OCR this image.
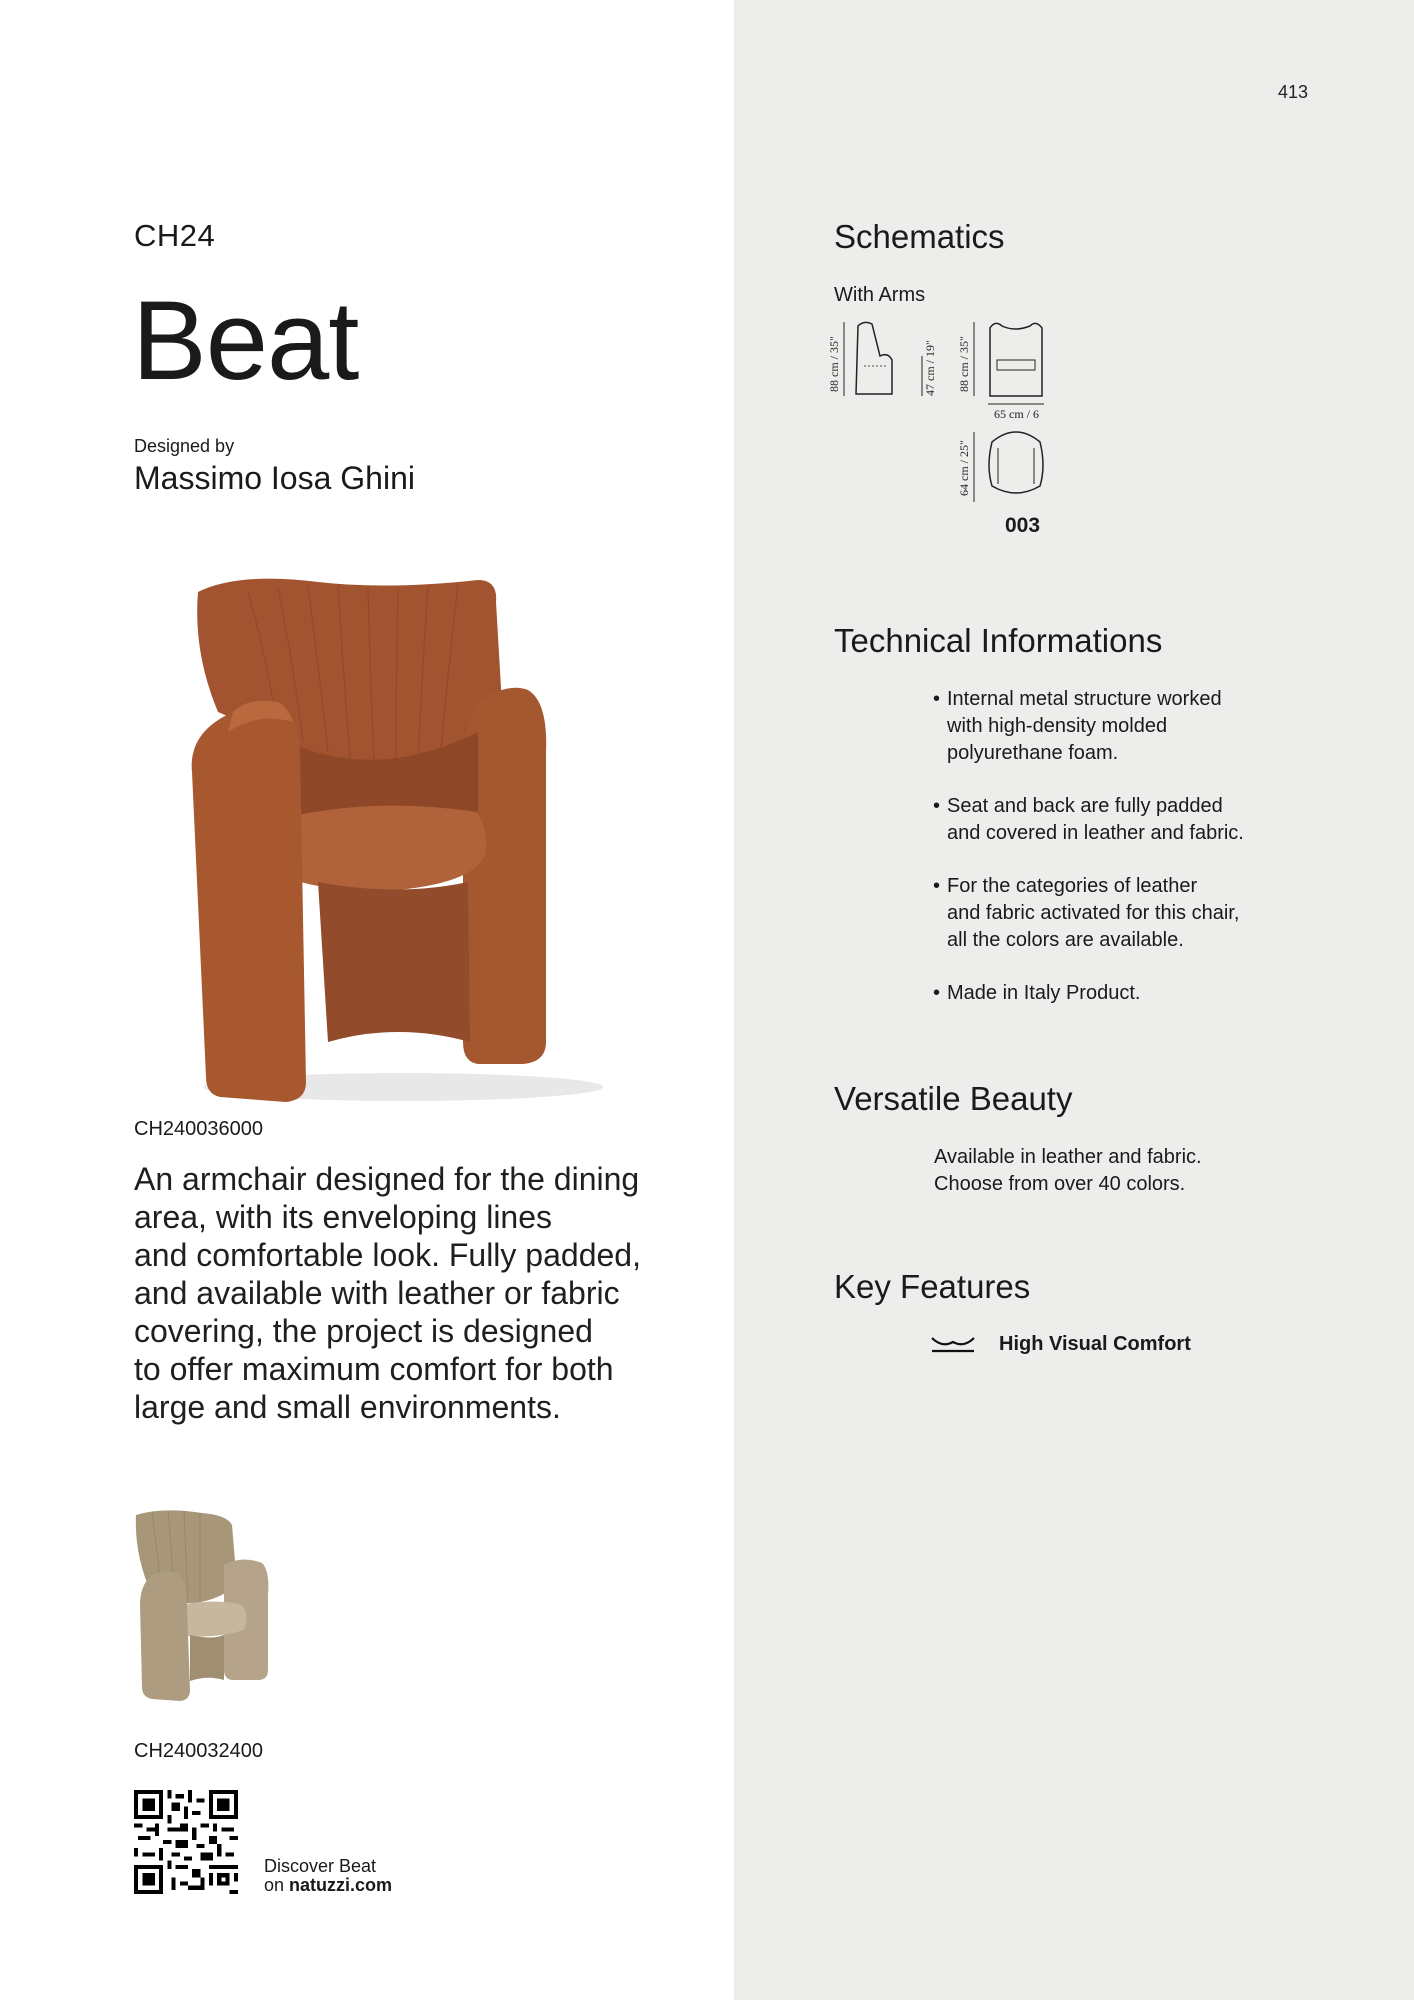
CH24
Beat
Designed by
Massimo Iosa Ghini
CH240036000
An armchair designed for the dining
area, with its enveloping lines
and comfortable look. Fully padded,
and available with leather or fabric
covering, the project is designed
to offer maximum comfort for both
large and small environments.
CH240032400
Discover Beat
on natuzzi.com
413
Schematics
With Arms
88 cm / 35"	47 cm / 19" 88 cm / 35"
65 cm / 6
64 cm / 25"
003
Technical Informations
• Internal metal structure worked
with high-density molded
polyurethane foam.
• Seat and back are fully padded
and covered in leather and fabric.
• For the categories of leather
and fabric activated for this chair,
all the colors are available.
• Made in Italy Product.
Versatile Beauty
Available in leather and fabric.
Choose from over 40 colors.
Key Features
High Visual Comfort
